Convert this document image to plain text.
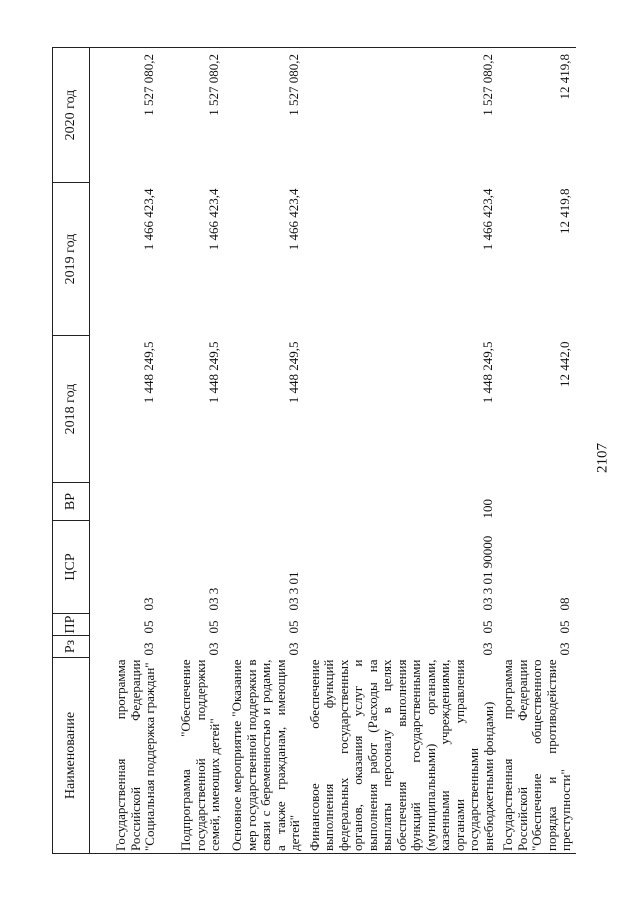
2107
Наименование	Рз	ПР	ЦСР	ВР	2018 год	2019 год	2020 год
Государственная программа Российской Федерации "Социальная поддержка граждан"	03	05	03		1 448 249,5	1 466 423,4	1 527 080,2
Подпрограмма "Обеспечение государственной поддержки семей, имеющих детей"	03	05	03 3		1 448 249,5	1 466 423,4	1 527 080,2
Основное мероприятие "Оказание мер государственной поддержки в связи с беременностью и родами, а также гражданам, имеющим детей"	03	05	03 3 01		1 448 249,5	1 466 423,4	1 527 080,2
Финансовое обеспечение выполнения функций федеральных государственных органов, оказания услуг и выполнения работ (Расходы на выплаты персоналу в целях обеспечения выполнения функций государственными (муниципальными) органами, казенными учреждениями, органами управления государственными внебюджетными фондами)	03	05	03 3 01 90000	100	1 448 249,5	1 466 423,4	1 527 080,2
Государственная программа Российской Федерации "Обеспечение общественного порядка и противодействие преступности"	03	05	08		12 442,0	12 419,8	12 419,8
